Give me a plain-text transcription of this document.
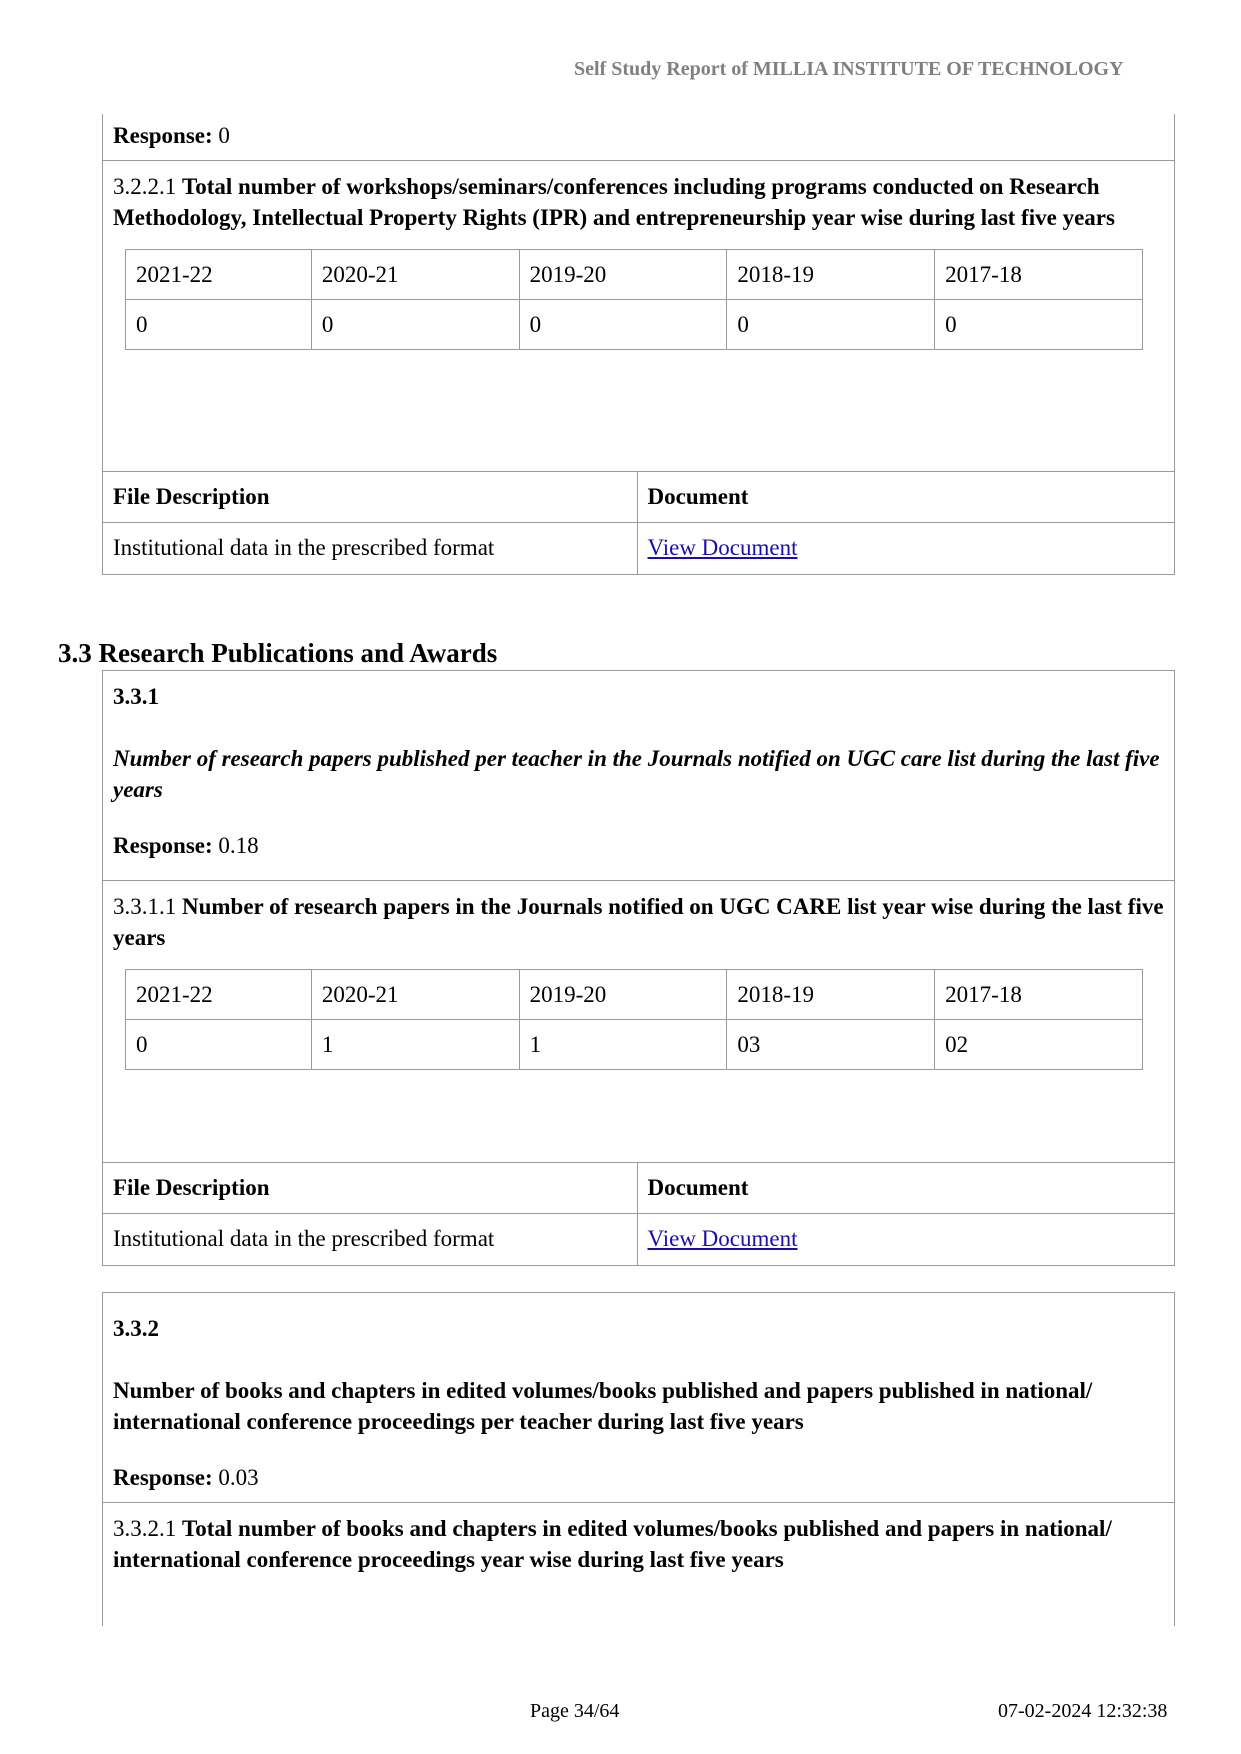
Self Study Report of MILLIA INSTITUTE OF TECHNOLOGY
Response: 0
3.2.2.1 Total number of workshops/seminars/conferences including programs conducted on Research Methodology, Intellectual Property Rights (IPR) and entrepreneurship year wise during last five years
2021-22	2020-21	2019-20	2018-19	2017-18
0	0	0	0	0
File Description	Document
Institutional data in the prescribed format	View Document
3.3 Research Publications and Awards
3.3.1
Number of research papers published per teacher in the Journals notified on UGC care list during the last five years
Response: 0.18
3.3.1.1 Number of research papers in the Journals notified on UGC CARE list year wise during the last five years
2021-22	2020-21	2019-20	2018-19	2017-18
0	1	1	03	02
File Description	Document
Institutional data in the prescribed format	View Document
3.3.2
Number of books and chapters in edited volumes/books published and papers published in national/ international conference proceedings per teacher during last five years
Response: 0.03
3.3.2.1 Total number of books and chapters in edited volumes/books published and papers in national/ international conference proceedings year wise during last five years
Page 34/64	07-02-2024 12:32:38
